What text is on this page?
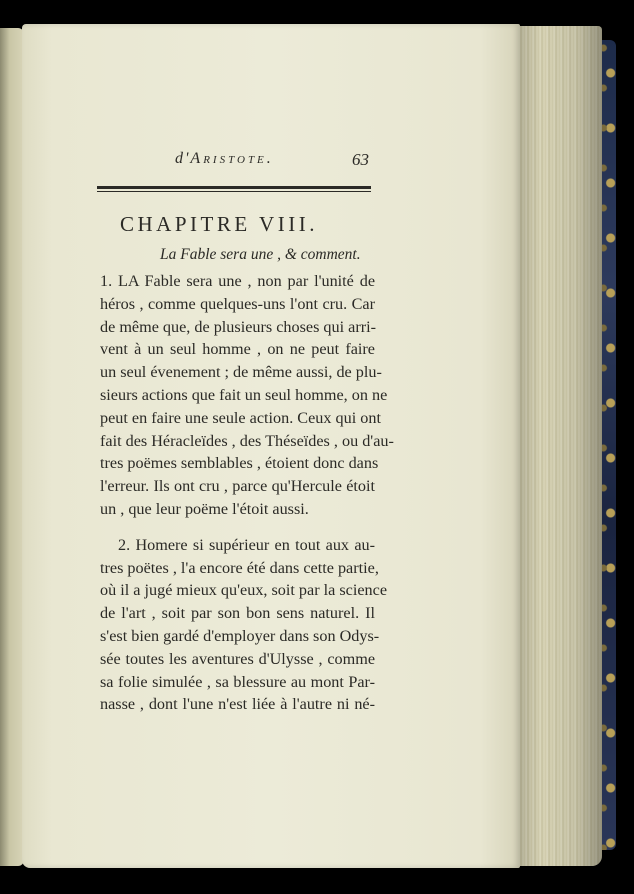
d'Aristote.	63
CHAPITRE VIII.
La Fable sera une , & comment.
1. LA Fable sera une , non par l'unité de
héros , comme quelques-uns l'ont cru. Car
de même que, de plusieurs choses qui arri-
vent à un seul homme , on ne peut faire
un seul évenement ; de même aussi, de plu-
sieurs actions que fait un seul homme, on ne
peut en faire une seule action. Ceux qui ont
fait des Héracleïdes , des Théseïdes , ou d'au-
tres poëmes semblables , étoient donc dans
l'erreur. Ils ont cru , parce qu'Hercule étoit
un , que leur poëme l'étoit aussi.
2. Homere si supérieur en tout aux au-
tres poëtes , l'a encore été dans cette partie,
où il a jugé mieux qu'eux, soit par la science
de l'art , soit par son bon sens naturel. Il
s'est bien gardé d'employer dans son Odys-
sée toutes les aventures d'Ulysse , comme
sa folie simulée , sa blessure au mont Par-
nasse , dont l'une n'est liée à l'autre ni né-
